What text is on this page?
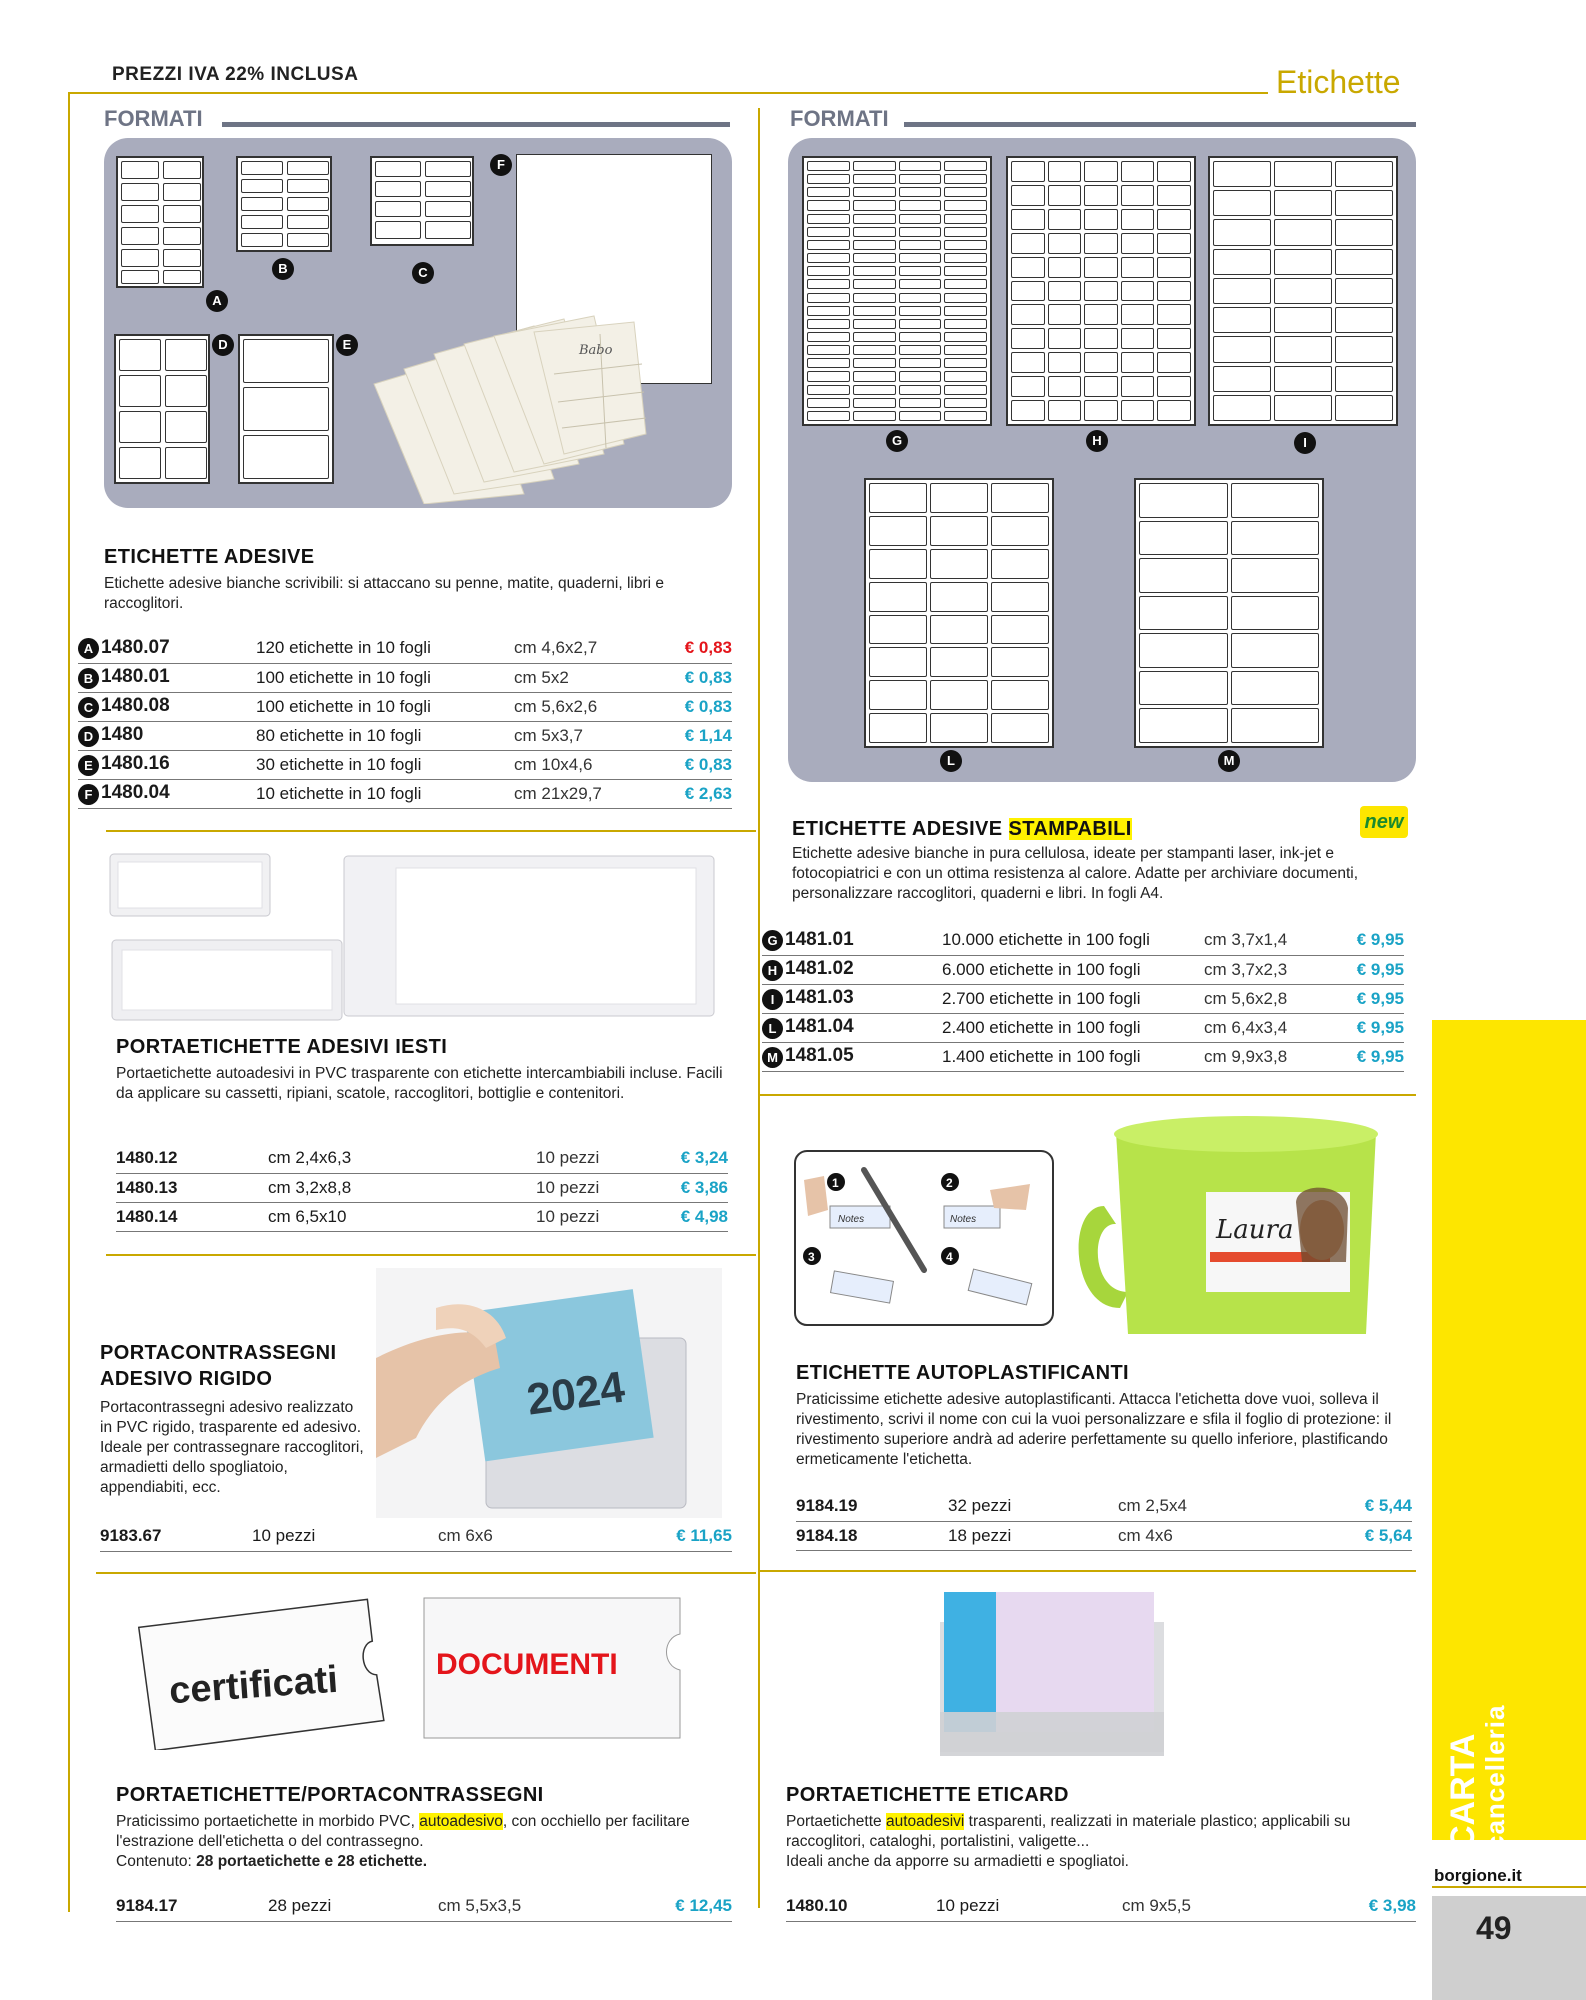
PREZZI IVA 22% INCLUSA	Etichette
FORMATI
A
B	C
F
D	E	Babo
ETICHETTE ADESIVE
Etichette adesive bianche scrivibili: si attaccano su penne, matite, quaderni, libri e raccoglitori.
A 1480.07	120 etichette in 10 fogli	cm 4,6x2,7	€ 0,83
B 1480.01	100 etichette in 10 fogli	cm 5x2	€ 0,83
C 1480.08	100 etichette in 10 fogli	cm 5,6x2,6	€ 0,83
D 1480	80 etichette in 10 fogli	cm 5x3,7	€ 1,14
E 1480.16	30 etichette in 10 fogli	cm 10x4,6	€ 0,83
F 1480.04	10 etichette in 10 fogli	cm 21x29,7	€ 2,63
PORTAETICHETTE ADESIVI IESTI
Portaetichette autoadesivi in PVC trasparente con etichette intercambiabili incluse. Facili da applicare su cassetti, ripiani, scatole, raccoglitori, bottiglie e contenitori.
1480.12	cm 2,4x6,3	10 pezzi	€ 3,24
1480.13	cm 3,2x8,8	10 pezzi	€ 3,86
1480.14	cm 6,5x10	10 pezzi	€ 4,98
2024
PORTACONTRASSEGNI
ADESIVO RIGIDO
Portacontrassegni adesivo realizzato in PVC rigido, trasparente ed adesivo. Ideale per contrassegnare raccoglitori, armadietti dello spogliatoio, appendiabiti, ecc.
9183.67	10 pezzi	cm 6x6	€ 11,65
certificati	DOCUMENTI
PORTAETICHETTE/PORTACONTRASSEGNI
Praticissimo portaetichette in morbido PVC, autoadesivo, con occhiello per facilitare l'estrazione dell'etichetta o del contrassegno.
Contenuto: 28 portaetichette e 28 etichette.
9184.17	28 pezzi	cm 5,5x3,5	€ 12,45
FORMATI
G	H	I
L	M
ETICHETTE ADESIVE STAMPABILI	new
Etichette adesive bianche in pura cellulosa, ideate per stampanti laser, ink-jet e fotocopiatrici e con un ottima resistenza al calore. Adatte per archiviare documenti, personalizzare raccoglitori, quaderni e libri. In fogli A4.
G 1481.01	10.000 etichette in 100 fogli	cm 3,7x1,4	€ 9,95
H 1481.02	6.000 etichette in 100 fogli	cm 3,7x2,3	€ 9,95
I 1481.03	2.700 etichette in 100 fogli	cm 5,6x2,8	€ 9,95
L 1481.04	2.400 etichette in 100 fogli	cm 6,4x3,4	€ 9,95
M 1481.05	1.400 etichette in 100 fogli	cm 9,9x3,8	€ 9,95
1	2
3	4
Notes	Notes	Laura
ETICHETTE AUTOPLASTIFICANTI
Praticissime etichette adesive autoplastificanti. Attacca l'etichetta dove vuoi, solleva il rivestimento, scrivi il nome con cui la vuoi personalizzare e sfila il foglio di protezione: il rivestimento superiore andrà ad aderire perfettamente su quello inferiore, plastificando ermeticamente l'etichetta.
9184.19	32 pezzi	cm 2,5x4	€ 5,44
9184.18	18 pezzi	cm 4x6	€ 5,64
PORTAETICHETTE ETICARD
Portaetichette autoadesivi trasparenti, realizzati in materiale plastico; applicabili su raccoglitori, cataloghi, portalistini, valigette...
Ideali anche da apporre su armadietti e spogliatoi.
1480.10	10 pezzi	cm 9x5,5	€ 3,98
CARTA
cancelleria
borgione.it
49
